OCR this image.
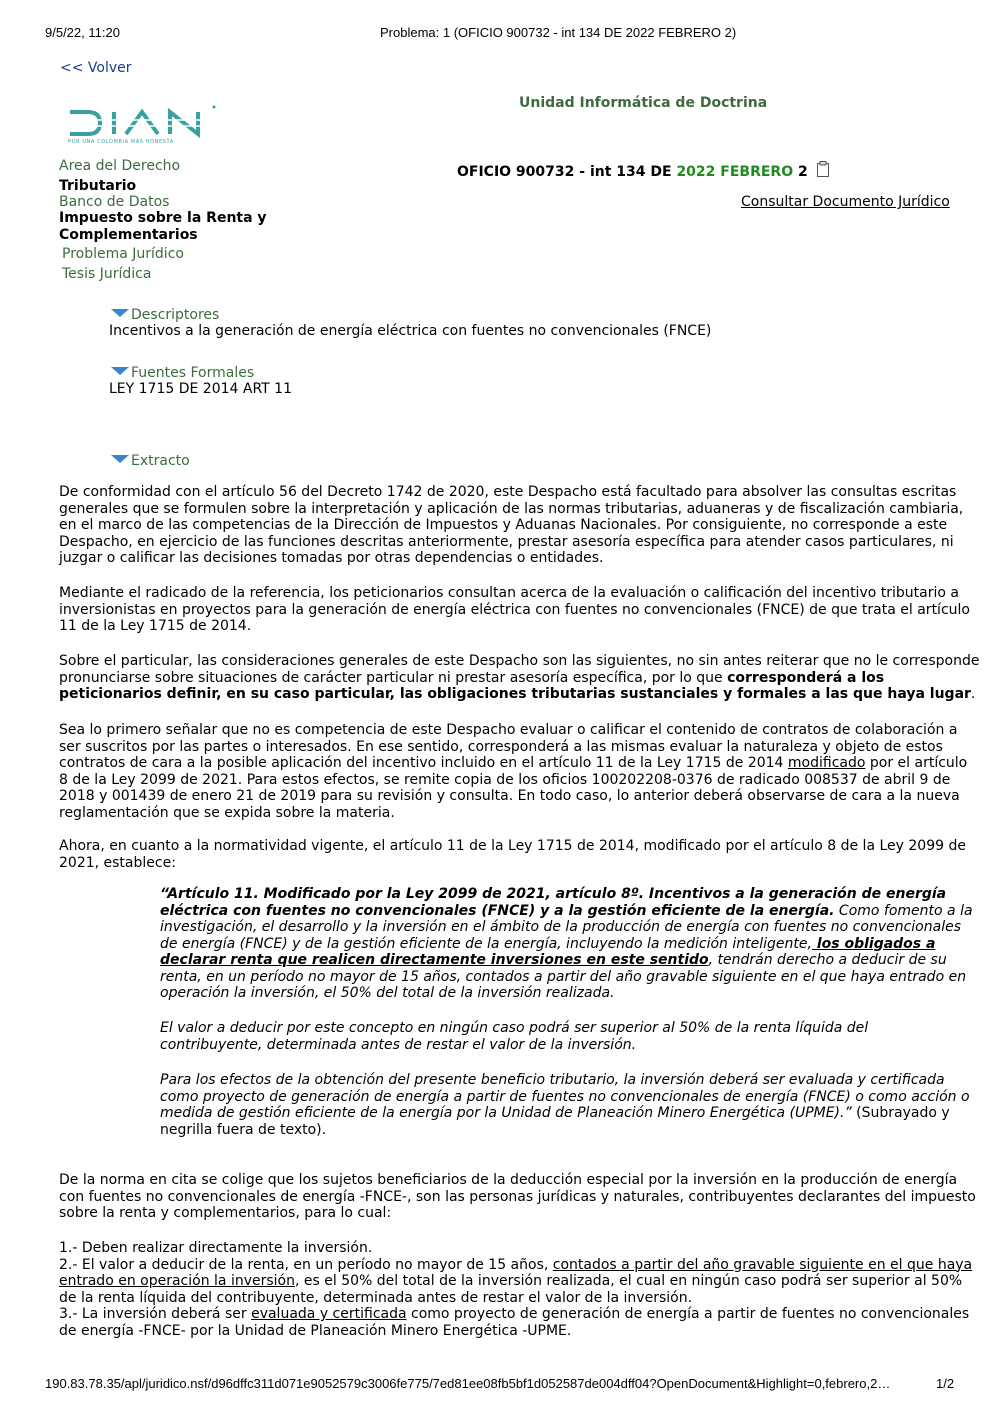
9/5/22, 11:20	Problema: 1 (OFICIO 900732 - int 134 DE 2022 FEBRERO 2)
<< Volver
Unidad Informática de Doctrina
POR UNA COLOMBIA MÁS HONESTA
Area del Derecho
Tributario
Banco de Datos
Impuesto sobre la Renta y
Complementarios
Problema Jurídico
Tesis Jurídica
OFICIO 900732 - int 134 DE 2022 FEBRERO 2
Consultar Documento Jurídico
Descriptores
Incentivos a la generación de energía eléctrica con fuentes no convencionales (FNCE)
Fuentes Formales
LEY 1715 DE 2014 ART 11
Extracto

De conformidad con el artículo 56 del Decreto 1742 de 2020, este Despacho está facultado para absolver las consultas escritas

generales que se formulen sobre la interpretación y aplicación de las normas tributarias, aduaneras y de fiscalización cambiaria,

en el marco de las competencias de la Dirección de Impuestos y Aduanas Nacionales. Por consiguiente, no corresponde a este

Despacho, en ejercicio de las funciones descritas anteriormente, prestar asesoría específica para atender casos particulares, ni

juzgar o calificar las decisiones tomadas por otras dependencias o entidades.

Mediante el radicado de la referencia, los peticionarios consultan acerca de la evaluación o calificación del incentivo tributario a

inversionistas en proyectos para la generación de energía eléctrica con fuentes no convencionales (FNCE) de que trata el artículo

11 de la Ley 1715 de 2014.

Sobre el particular, las consideraciones generales de este Despacho son las siguientes, no sin antes reiterar que no le corresponde

pronunciarse sobre situaciones de carácter particular ni prestar asesoría específica, por lo que corresponderá a los

peticionarios definir, en su caso particular, las obligaciones tributarias sustanciales y formales a las que haya lugar.

Sea lo primero señalar que no es competencia de este Despacho evaluar o calificar el contenido de contratos de colaboración a

ser suscritos por las partes o interesados. En ese sentido, corresponderá a las mismas evaluar la naturaleza y objeto de estos

contratos de cara a la posible aplicación del incentivo incluido en el artículo 11 de la Ley 1715 de 2014 modificado por el artículo

8 de la Ley 2099 de 2021. Para estos efectos, se remite copia de los oficios 100202208-0376 de radicado 008537 de abril 9 de

2018 y 001439 de enero 21 de 2019 para su revisión y consulta. En todo caso, lo anterior deberá observarse de cara a la nueva

reglamentación que se expida sobre la materia.

Ahora, en cuanto a la normatividad vigente, el artículo 11 de la Ley 1715 de 2014, modificado por el artículo 8 de la Ley 2099 de

2021, establece:

“Artículo 11. Modificado por la Ley 2099 de 2021, artículo 8º. Incentivos a la generación de energía

eléctrica con fuentes no convencionales (FNCE) y a la gestión eficiente de la energía. Como fomento a la

investigación, el desarrollo y la inversión en el ámbito de la producción de energía con fuentes no convencionales

de energía (FNCE) y de la gestión eficiente de la energía, incluyendo la medición inteligente, los obligados a

declarar renta que realicen directamente inversiones en este sentido, tendrán derecho a deducir de su

renta, en un período no mayor de 15 años, contados a partir del año gravable siguiente en el que haya entrado en

operación la inversión, el 50% del total de la inversión realizada.

El valor a deducir por este concepto en ningún caso podrá ser superior al 50% de la renta líquida del

contribuyente, determinada antes de restar el valor de la inversión.

Para los efectos de la obtención del presente beneficio tributario, la inversión deberá ser evaluada y certificada

como proyecto de generación de energía a partir de fuentes no convencionales de energía (FNCE) o como acción o

medida de gestión eficiente de la energía por la Unidad de Planeación Minero Energética (UPME).” (Subrayado y

negrilla fuera de texto).

De la norma en cita se colige que los sujetos beneficiarios de la deducción especial por la inversión en la producción de energía

con fuentes no convencionales de energía -FNCE-, son las personas jurídicas y naturales, contribuyentes declarantes del impuesto

sobre la renta y complementarios, para lo cual:

1.- Deben realizar directamente la inversión.

2.- El valor a deducir de la renta, en un período no mayor de 15 años, contados a partir del año gravable siguiente en el que haya

entrado en operación la inversión, es el 50% del total de la inversión realizada, el cual en ningún caso podrá ser superior al 50%

de la renta líquida del contribuyente, determinada antes de restar el valor de la inversión.

3.- La inversión deberá ser evaluada y certificada como proyecto de generación de energía a partir de fuentes no convencionales

de energía -FNCE- por la Unidad de Planeación Minero Energética -UPME.

190.83.78.35/apl/juridico.nsf/d96dffc311d071e9052579c3006fe775/7ed81ee08fb5bf1d052587de004dff04?OpenDocument&Highlight=0,febrero,2…	1/2
